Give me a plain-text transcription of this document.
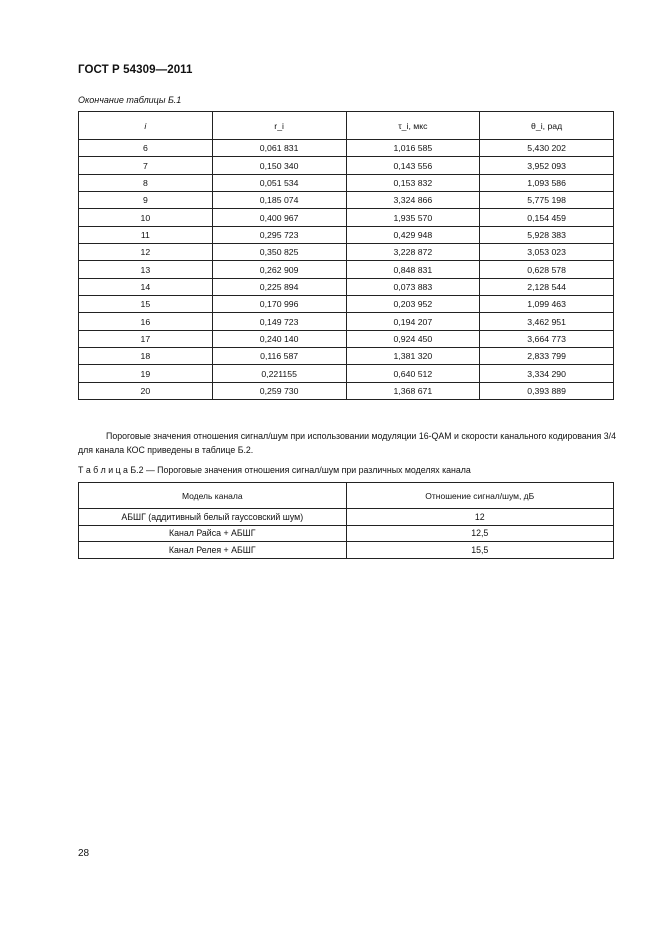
ГОСТ Р 54309—2011
Окончание таблицы Б.1
i	r_i	τ_i, мкс	θ_i, рад
6	0,061 831	1,016 585	5,430 202
7	0,150 340	0,143 556	3,952 093
8	0,051 534	0,153 832	1,093 586
9	0,185 074	3,324 866	5,775 198
10	0,400 967	1,935 570	0,154 459
11	0,295 723	0,429 948	5,928 383
12	0,350 825	3,228 872	3,053 023
13	0,262 909	0,848 831	0,628 578
14	0,225 894	0,073 883	2,128 544
15	0,170 996	0,203 952	1,099 463
16	0,149 723	0,194 207	3,462 951
17	0,240 140	0,924 450	3,664 773
18	0,116 587	1,381 320	2,833 799
19	0,221155	0,640 512	3,334 290
20	0,259 730	1,368 671	0,393 889
Пороговые значения отношения сигнал/шум при использовании модуляции 16-QAM и скорости канального кодирования 3/4 для канала КОС приведены в таблице Б.2.
Т а б л и ц а Б.2 — Пороговые значения отношения сигнал/шум при различных моделях канала
Модель канала	Отношение сигнал/шум, дБ
АБШГ (аддитивный белый гауссовский шум)	12
Канал Райса + АБШГ	12,5
Канал Релея + АБШГ	15,5
28
